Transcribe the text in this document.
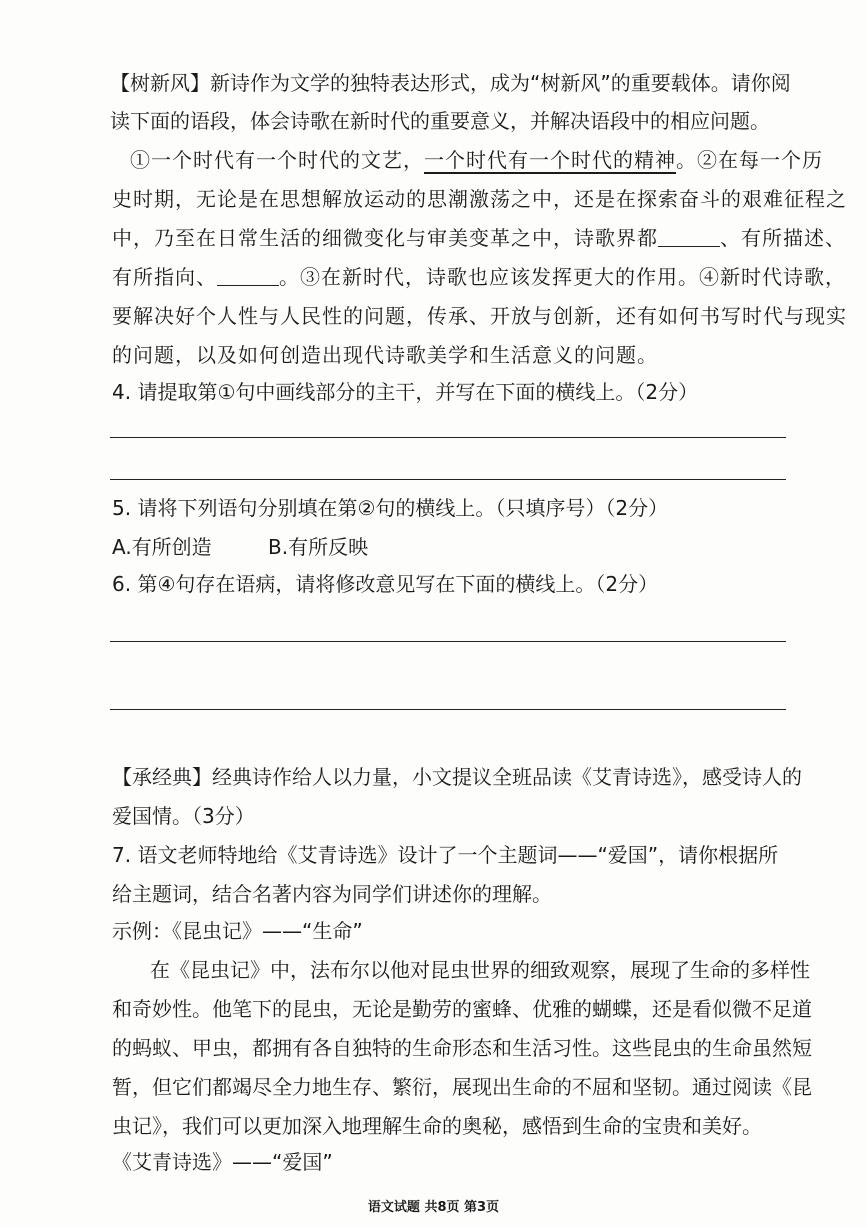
【树新风】新诗作为文学的独特表达形式，成为“树新风”的重要载体。请你阅
读下面的语段，体会诗歌在新时代的重要意义，并解决语段中的相应问题。
①一个时代有一个时代的文艺，一个时代有一个时代的精神。②在每一个历
史时期，无论是在思想解放运动的思潮激荡之中，还是在探索奋斗的艰难征程之
中，乃至在日常生活的细微变化与审美变革之中，诗歌界都	、有所描述、
有所指向、	。③在新时代，诗歌也应该发挥更大的作用。④新时代诗歌，
要解决好个人性与人民性的问题，传承、开放与创新，还有如何书写时代与现实
的问题，以及如何创造出现代诗歌美学和生活意义的问题。
4. 请提取第①句中画线部分的主干，并写在下面的横线上。（2分）
5. 请将下列语句分别填在第②句的横线上。（只填序号）（2分）
A.有所创造	B.有所反映
6. 第④句存在语病，请将修改意见写在下面的横线上。（2分）
【承经典】经典诗作给人以力量，小文提议全班品读《艾青诗选》，感受诗人的
爱国情。（3分）
7. 语文老师特地给《艾青诗选》设计了一个主题词——“爱国”，请你根据所
给主题词，结合名著内容为同学们讲述你的理解。
示例：《昆虫记》——“生命”
在《昆虫记》中，法布尔以他对昆虫世界的细致观察，展现了生命的多样性
和奇妙性。他笔下的昆虫，无论是勤劳的蜜蜂、优雅的蝴蝶，还是看似微不足道
的蚂蚁、甲虫，都拥有各自独特的生命形态和生活习性。这些昆虫的生命虽然短
暂，但它们都竭尽全力地生存、繁衍，展现出生命的不屈和坚韧。通过阅读《昆
虫记》，我们可以更加深入地理解生命的奥秘，感悟到生命的宝贵和美好。
《艾青诗选》——“爱国”
语文试题 共8页 第3页
